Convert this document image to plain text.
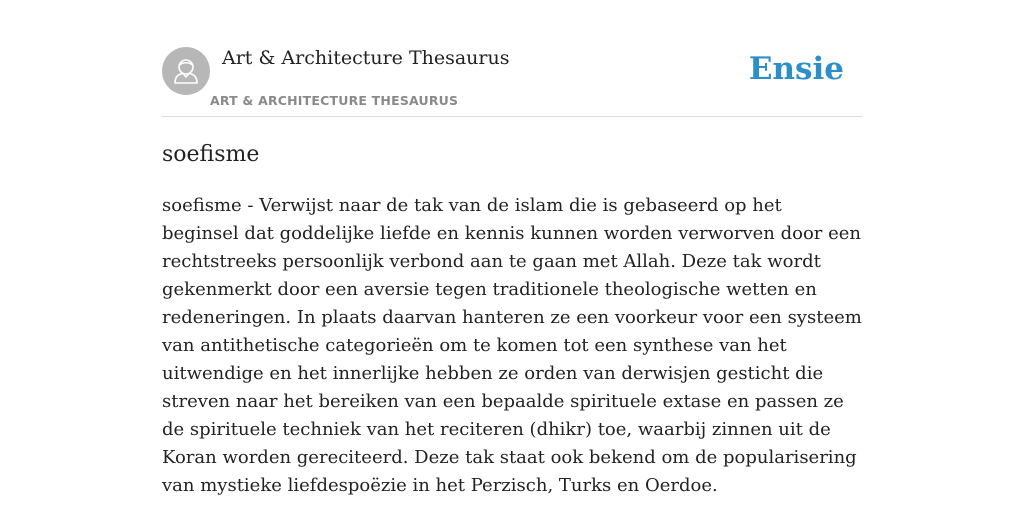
Art & Architecture Thesaurus
ART & ARCHITECTURE THESAURUS
Ensie
soefisme

soefisme - Verwijst naar de tak van de islam die is gebaseerd op het beginsel dat goddelijke liefde en kennis kunnen worden verworven door een rechtstreeks persoonlijk verbond aan te gaan met Allah. Deze tak wordt gekenmerkt door een aversie tegen traditionele theologische wetten en redeneringen. In plaats daarvan hanteren ze een voorkeur voor een systeem van antithetische categorieën om te komen tot een synthese van het uitwendige en het innerlijke hebben ze orden van derwisjen gesticht die streven naar het bereiken van een bepaalde spirituele extase en passen ze de spirituele techniek van het reciteren (dhikr) toe, waarbij zinnen uit de Koran worden gereciteerd. Deze tak staat ook bekend om de popularisering van mystieke liefdespoëzie in het Perzisch, Turks en Oerdoe.
